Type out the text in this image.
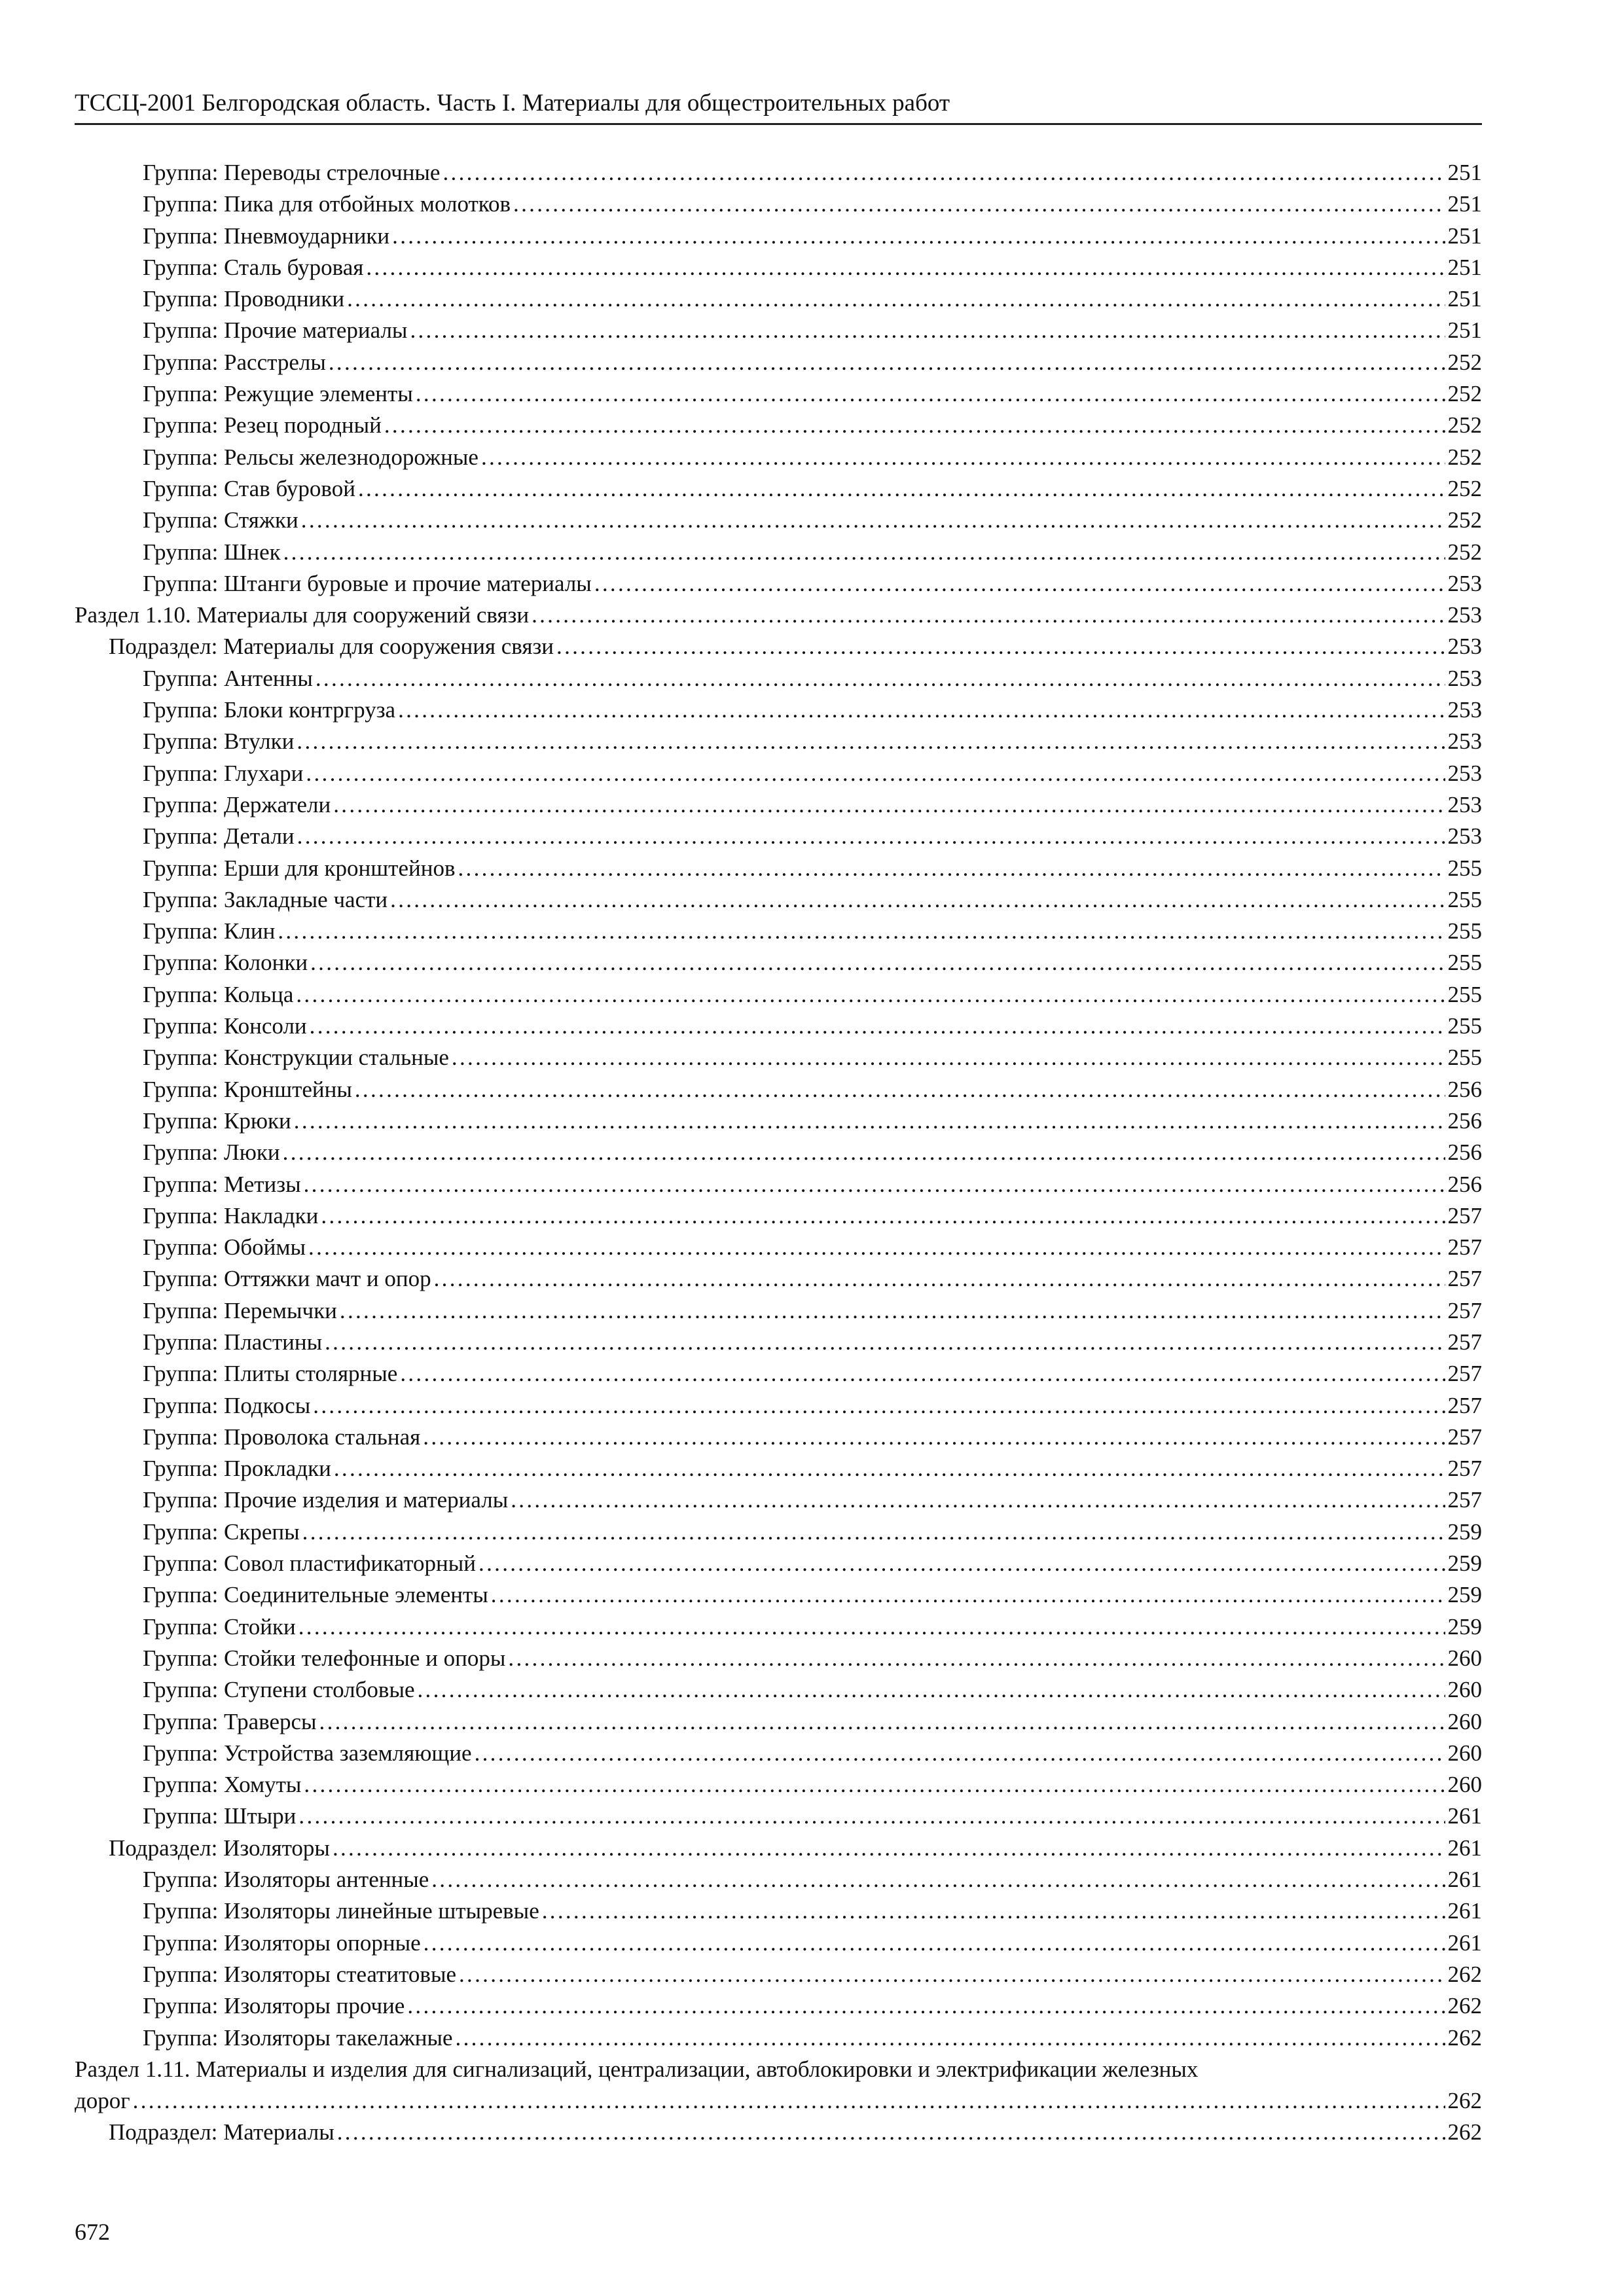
ТССЦ-2001 Белгородская область. Часть I. Материалы для общестроительных работ
Группа: Переводы стрелочные .....	251
Группа: Пика для отбойных молотков .....	251
Группа: Пневмоударники .....	251
Группа: Сталь буровая .....	251
Группа: Проводники .....	251
Группа: Прочие материалы .....	251
Группа: Расстрелы .....	252
Группа: Режущие элементы .....	252
Группа: Резец породный .....	252
Группа: Рельсы железнодорожные .....	252
Группа: Став буровой .....	252
Группа: Стяжки .....	252
Группа: Шнек .....	252
Группа: Штанги буровые и прочие материалы .....	253
Раздел 1.10. Материалы для сооружений связи .....	253
Подраздел: Материалы для сооружения связи .....	253
Группа: Антенны .....	253
Группа: Блоки контргруза .....	253
Группа: Втулки .....	253
Группа: Глухари .....	253
Группа: Держатели .....	253
Группа: Детали .....	253
Группа: Ерши для кронштейнов .....	255
Группа: Закладные части .....	255
Группа: Клин .....	255
Группа: Колонки .....	255
Группа: Кольца .....	255
Группа: Консоли .....	255
Группа: Конструкции стальные .....	255
Группа: Кронштейны .....	256
Группа: Крюки .....	256
Группа: Люки .....	256
Группа: Метизы .....	256
Группа: Накладки .....	257
Группа: Обоймы .....	257
Группа: Оттяжки мачт и опор .....	257
Группа: Перемычки .....	257
Группа: Пластины .....	257
Группа: Плиты столярные .....	257
Группа: Подкосы .....	257
Группа: Проволока стальная .....	257
Группа: Прокладки .....	257
Группа: Прочие изделия и материалы .....	257
Группа: Скрепы .....	259
Группа: Совол пластификаторный .....	259
Группа: Соединительные элементы .....	259
Группа: Стойки .....	259
Группа: Стойки телефонные и опоры .....	260
Группа: Ступени столбовые .....	260
Группа: Траверсы .....	260
Группа: Устройства заземляющие .....	260
Группа: Хомуты .....	260
Группа: Штыри .....	261
Подраздел: Изоляторы .....	261
Группа: Изоляторы антенные .....	261
Группа: Изоляторы линейные штыревые .....	261
Группа: Изоляторы опорные .....	261
Группа: Изоляторы стеатитовые .....	262
Группа: Изоляторы прочие .....	262
Группа: Изоляторы такелажные .....	262
Раздел 1.11. Материалы и изделия для сигнализаций, централизации, автоблокировки и электрификации железных
дорог .....	262
Подраздел: Материалы .....	262
672
